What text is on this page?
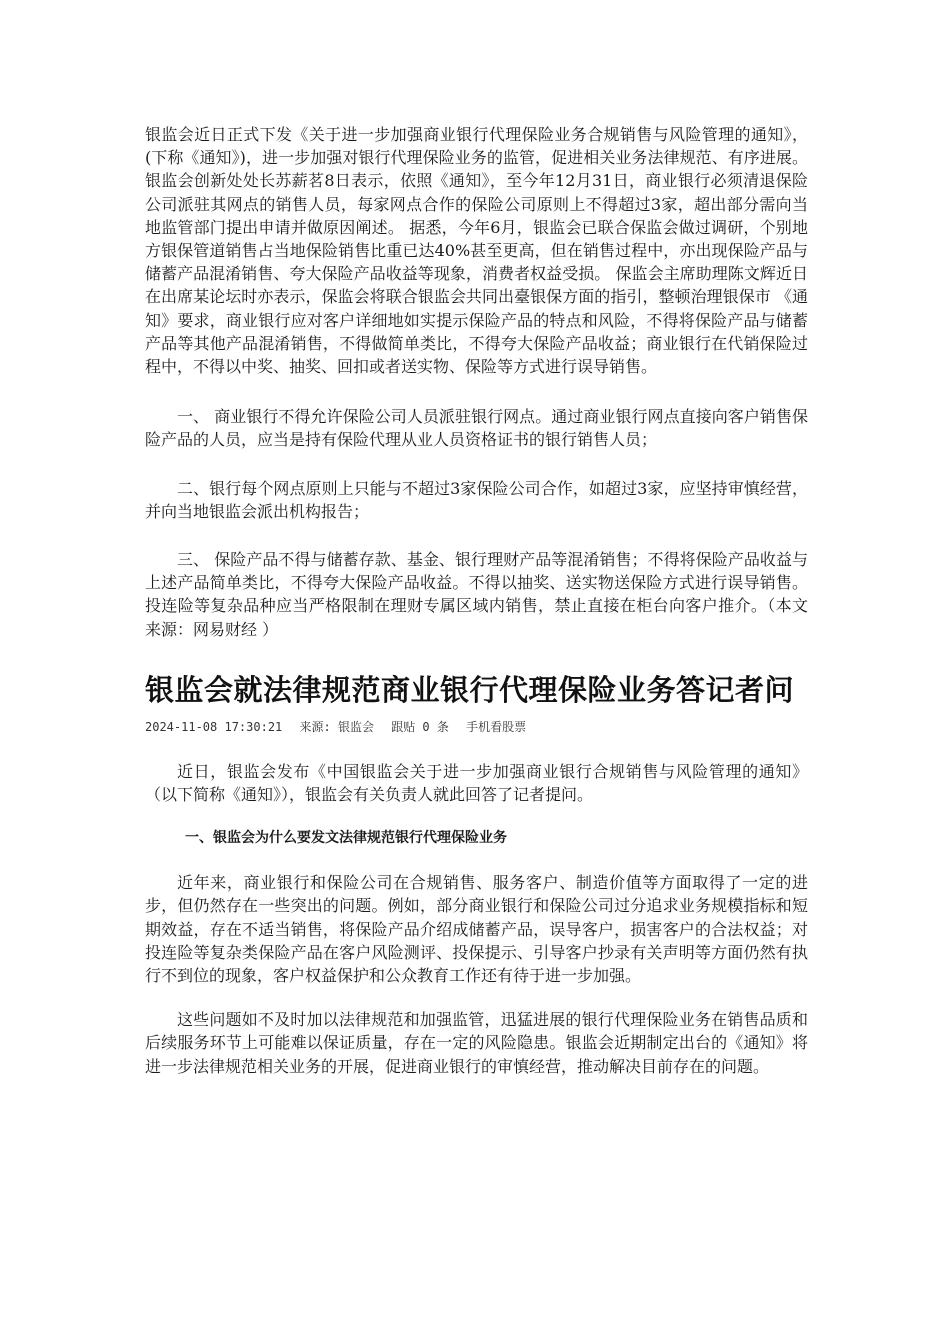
银监会近日正式下发《关于进一步加强商业银行代理保险业务合规销售与风险管理的通知》，(下称《通知》)，进一步加强对银行代理保险业务的监管，促进相关业务法律规范、有序进展。 银监会创新处处长苏薪茗8日表示，依照《通知》，至今年12月31日，商业银行必须清退保险公司派驻其网点的销售人员，每家网点合作的保险公司原则上不得超过3家，超出部分需向当地监管部门提出申请并做原因阐述。 据悉，今年6月，银监会已联合保监会做过调研，个别地方银保管道销售占当地保险销售比重已达40%甚至更高，但在销售过程中，亦出现保险产品与储蓄产品混淆销售、夸大保险产品收益等现象，消费者权益受损。 保监会主席助理陈文辉近日在出席某论坛时亦表示，保监会将联合银监会共同出臺银保方面的指引，整顿治理银保市 《通知》要求，商业银行应对客户详细地如实提示保险产品的特点和风险，不得将保险产品与储蓄产品等其他产品混淆销售，不得做简单类比，不得夸大保险产品收益；商业银行在代销保险过程中，不得以中奖、抽奖、回扣或者送实物、保险等方式进行误导销售。

一、 商业银行不得允许保险公司人员派驻银行网点。通过商业银行网点直接向客户销售保险产品的人员，应当是持有保险代理从业人员资格证书的银行销售人员；

二、银行每个网点原则上只能与不超过3家保险公司合作，如超过3家，应坚持审慎经营，并向当地银监会派出机构报告；

三、 保险产品不得与储蓄存款、基金、银行理财产品等混淆销售；不得将保险产品收益与上述产品简单类比，不得夸大保险产品收益。不得以抽奖、送实物送保险方式进行误导销售。投连险等复杂品种应当严格限制在理财专属区域内销售，禁止直接在柜台向客户推介。（本文来源：网易财经 ）

银监会就法律规范商业银行代理保险业务答记者问
2024-11-08 17:30:21 来源: 银监会 跟贴 0 条 手机看股票

近日，银监会发布《中国银监会关于进一步加强商业银行合规销售与风险管理的通知》（以下简称《通知》），银监会有关负责人就此回答了记者提问。

一、银监会为什么要发文法律规范银行代理保险业务

近年来，商业银行和保险公司在合规销售、服务客户、制造价值等方面取得了一定的进步，但仍然存在一些突出的问题。例如，部分商业银行和保险公司过分追求业务规模指标和短期效益，存在不适当销售，将保险产品介绍成储蓄产品，误导客户，损害客户的合法权益；对投连险等复杂类保险产品在客户风险测评、投保提示、引导客户抄录有关声明等方面仍然有执行不到位的现象，客户权益保护和公众教育工作还有待于进一步加强。

这些问题如不及时加以法律规范和加强监管，迅猛进展的银行代理保险业务在销售品质和后续服务环节上可能难以保证质量，存在一定的风险隐患。银监会近期制定出台的《通知》将进一步法律规范相关业务的开展，促进商业银行的审慎经营，推动解决目前存在的问题。
